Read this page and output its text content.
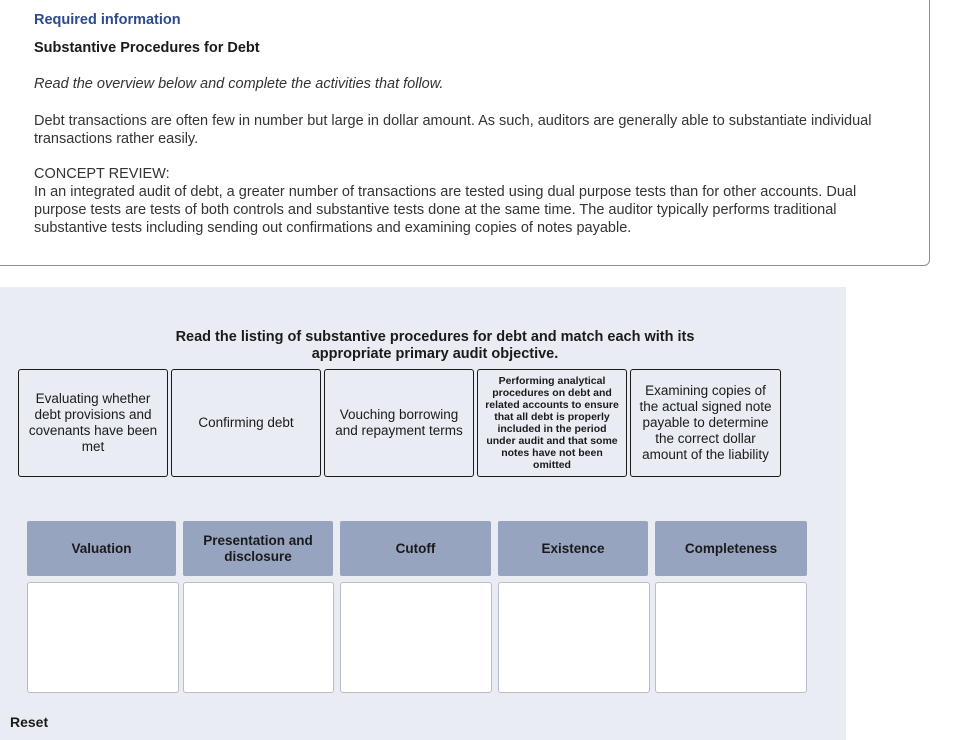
Required information
Substantive Procedures for Debt
Read the overview below and complete the activities that follow.
Debt transactions are often few in number but large in dollar amount. As such, auditors are generally able to substantiate individual transactions rather easily.
CONCEPT REVIEW:
In an integrated audit of debt, a greater number of transactions are tested using dual purpose tests than for other accounts. Dual purpose tests are tests of both controls and substantive tests done at the same time. The auditor typically performs traditional substantive tests including sending out confirmations and examining copies of notes payable.
Read the listing of substantive procedures for debt and match each with its appropriate primary audit objective.
Evaluating whether debt provisions and covenants have been met
Confirming debt
Vouching borrowing and repayment terms
Performing analytical procedures on debt and related accounts to ensure that all debt is properly included in the period under audit and that some notes have not been omitted
Examining copies of the actual signed note payable to determine the correct dollar amount of the liability
Valuation
Presentation and disclosure
Cutoff	Existence	Completeness
Reset
